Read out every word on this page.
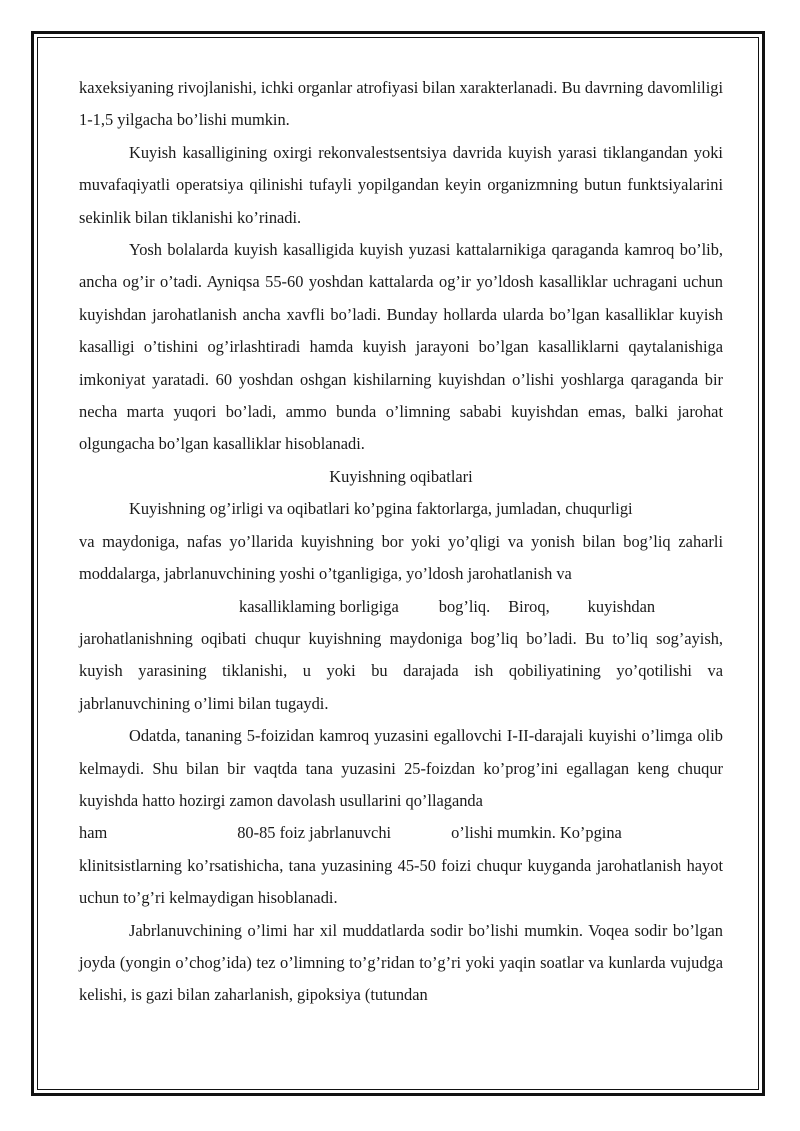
kaxeksiyaning rivojlanishi, ichki organlar atrofiyasi bilan xarakterlanadi. Bu davrning davomliligi 1-1,5 yilgacha bo’lishi mumkin.

Kuyish kasalligining oxirgi rekonvalestsentsiya davrida kuyish yarasi tiklangandan yoki muvafaqiyatli operatsiya qilinishi tufayli yopilgandan keyin organizmning butun funktsiyalarini sekinlik bilan tiklanishi ko’rinadi.

Yosh bolalarda kuyish kasalligida kuyish yuzasi kattalarnikiga qaraganda kamroq bo’lib, ancha og’ir o’tadi. Ayniqsa 55-60 yoshdan kattalarda og’ir yo’ldosh kasalliklar uchragani uchun kuyishdan jarohatlanish ancha xavfli bo’ladi. Bunday hollarda ularda bo’lgan kasalliklar kuyish kasalligi o’tishini og’irlashtiradi hamda kuyish jarayoni bo’lgan kasalliklarni qaytalanishiga imkoniyat yaratadi. 60 yoshdan oshgan kishilarning kuyishdan o’lishi yoshlarga qaraganda bir necha marta yuqori bo’ladi, ammo bunda o’limning sababi kuyishdan emas, balki jarohat olgungacha bo’lgan kasalliklar hisoblanadi.

Kuyishning oqibatlari

Kuyishning og’irligi va oqibatlari ko’pgina faktorlarga, jumladan, chuqurligi

va maydoniga, nafas yo’llarida kuyishning bor yoki yo’qligi va yonish bilan bog’liq zaharli moddalarga, jabrlanuvchining yoshi o’tganligiga, yo’ldosh jarohatlanish va

kasalliklaming borligiga bog’liq. Biroq, kuyishdan

jarohatlanishning oqibati chuqur kuyishning maydoniga bog’liq bo’ladi. Bu to’liq sog’ayish, kuyish yarasining tiklanishi, u yoki bu darajada ish qobiliyatining yo’qotilishi va jabrlanuvchining o’limi bilan tugaydi.

Odatda, tananing 5-foizidan kamroq yuzasini egallovchi I-II-darajali kuyishi o’limga olib kelmaydi. Shu bilan bir vaqtda tana yuzasini 25-foizdan ko’prog’ini egallagan keng chuqur kuyishda hatto hozirgi zamon davolash usullarini qo’llaganda

ham	80-85 foiz jabrlanuvchi	o’lishi mumkin. Ko’pgina

klinitsistlarning ko’rsatishicha, tana yuzasining 45-50 foizi chuqur kuyganda jarohatlanish hayot uchun to’g’ri kelmaydigan hisoblanadi.

Jabrlanuvchining o’limi har xil muddatlarda sodir bo’lishi mumkin. Voqea sodir bo’lgan joyda (yongin o’chog’ida) tez o’limning to’g’ridan to’g’ri yoki yaqin soatlar va kunlarda vujudga kelishi, is gazi bilan zaharlanish, gipoksiya (tutundan
